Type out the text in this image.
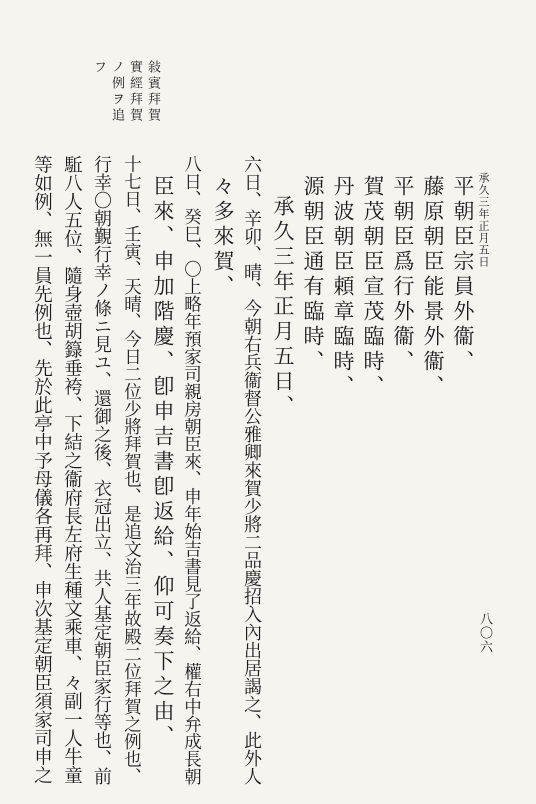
承久三年正月五日
八〇六
敍賓拜賀
實經拜賀
ノ例ヲ追
フ
平朝臣宗員外衞、
藤原朝臣能景外衞、
平朝臣爲行外衞、
賀茂朝臣宣茂臨時、
丹波朝臣頼章臨時、
源朝臣通有臨時、
承久三年正月五日、
六日、辛卯、晴、今朝右兵衞督公雅卿來賀少將二品慶招入內出居謁之、此外人
々多來賀、
八日、癸巳、〇上略年預家司親房朝臣來、申年始吉書見了返給、權右中弁成長朝
臣來、申加階慶、卽申吉書卽返給、仰可奏下之由、
十七日、壬寅、天晴、今日二位少將拜賀也、是追文治三年故殿二位拜賀之例也、
行幸〇朝覲行幸ノ條ニ見ユ、還御之後、衣冠出立、共人基定朝臣家行等也、前
駈八人五位、隨身壺胡籙垂袴、下結之衞府長左府生種文乘車、々副一人牛童
等如例、無一員先例也、先於此亭中予母儀各再拜、申次基定朝臣須家司申之
